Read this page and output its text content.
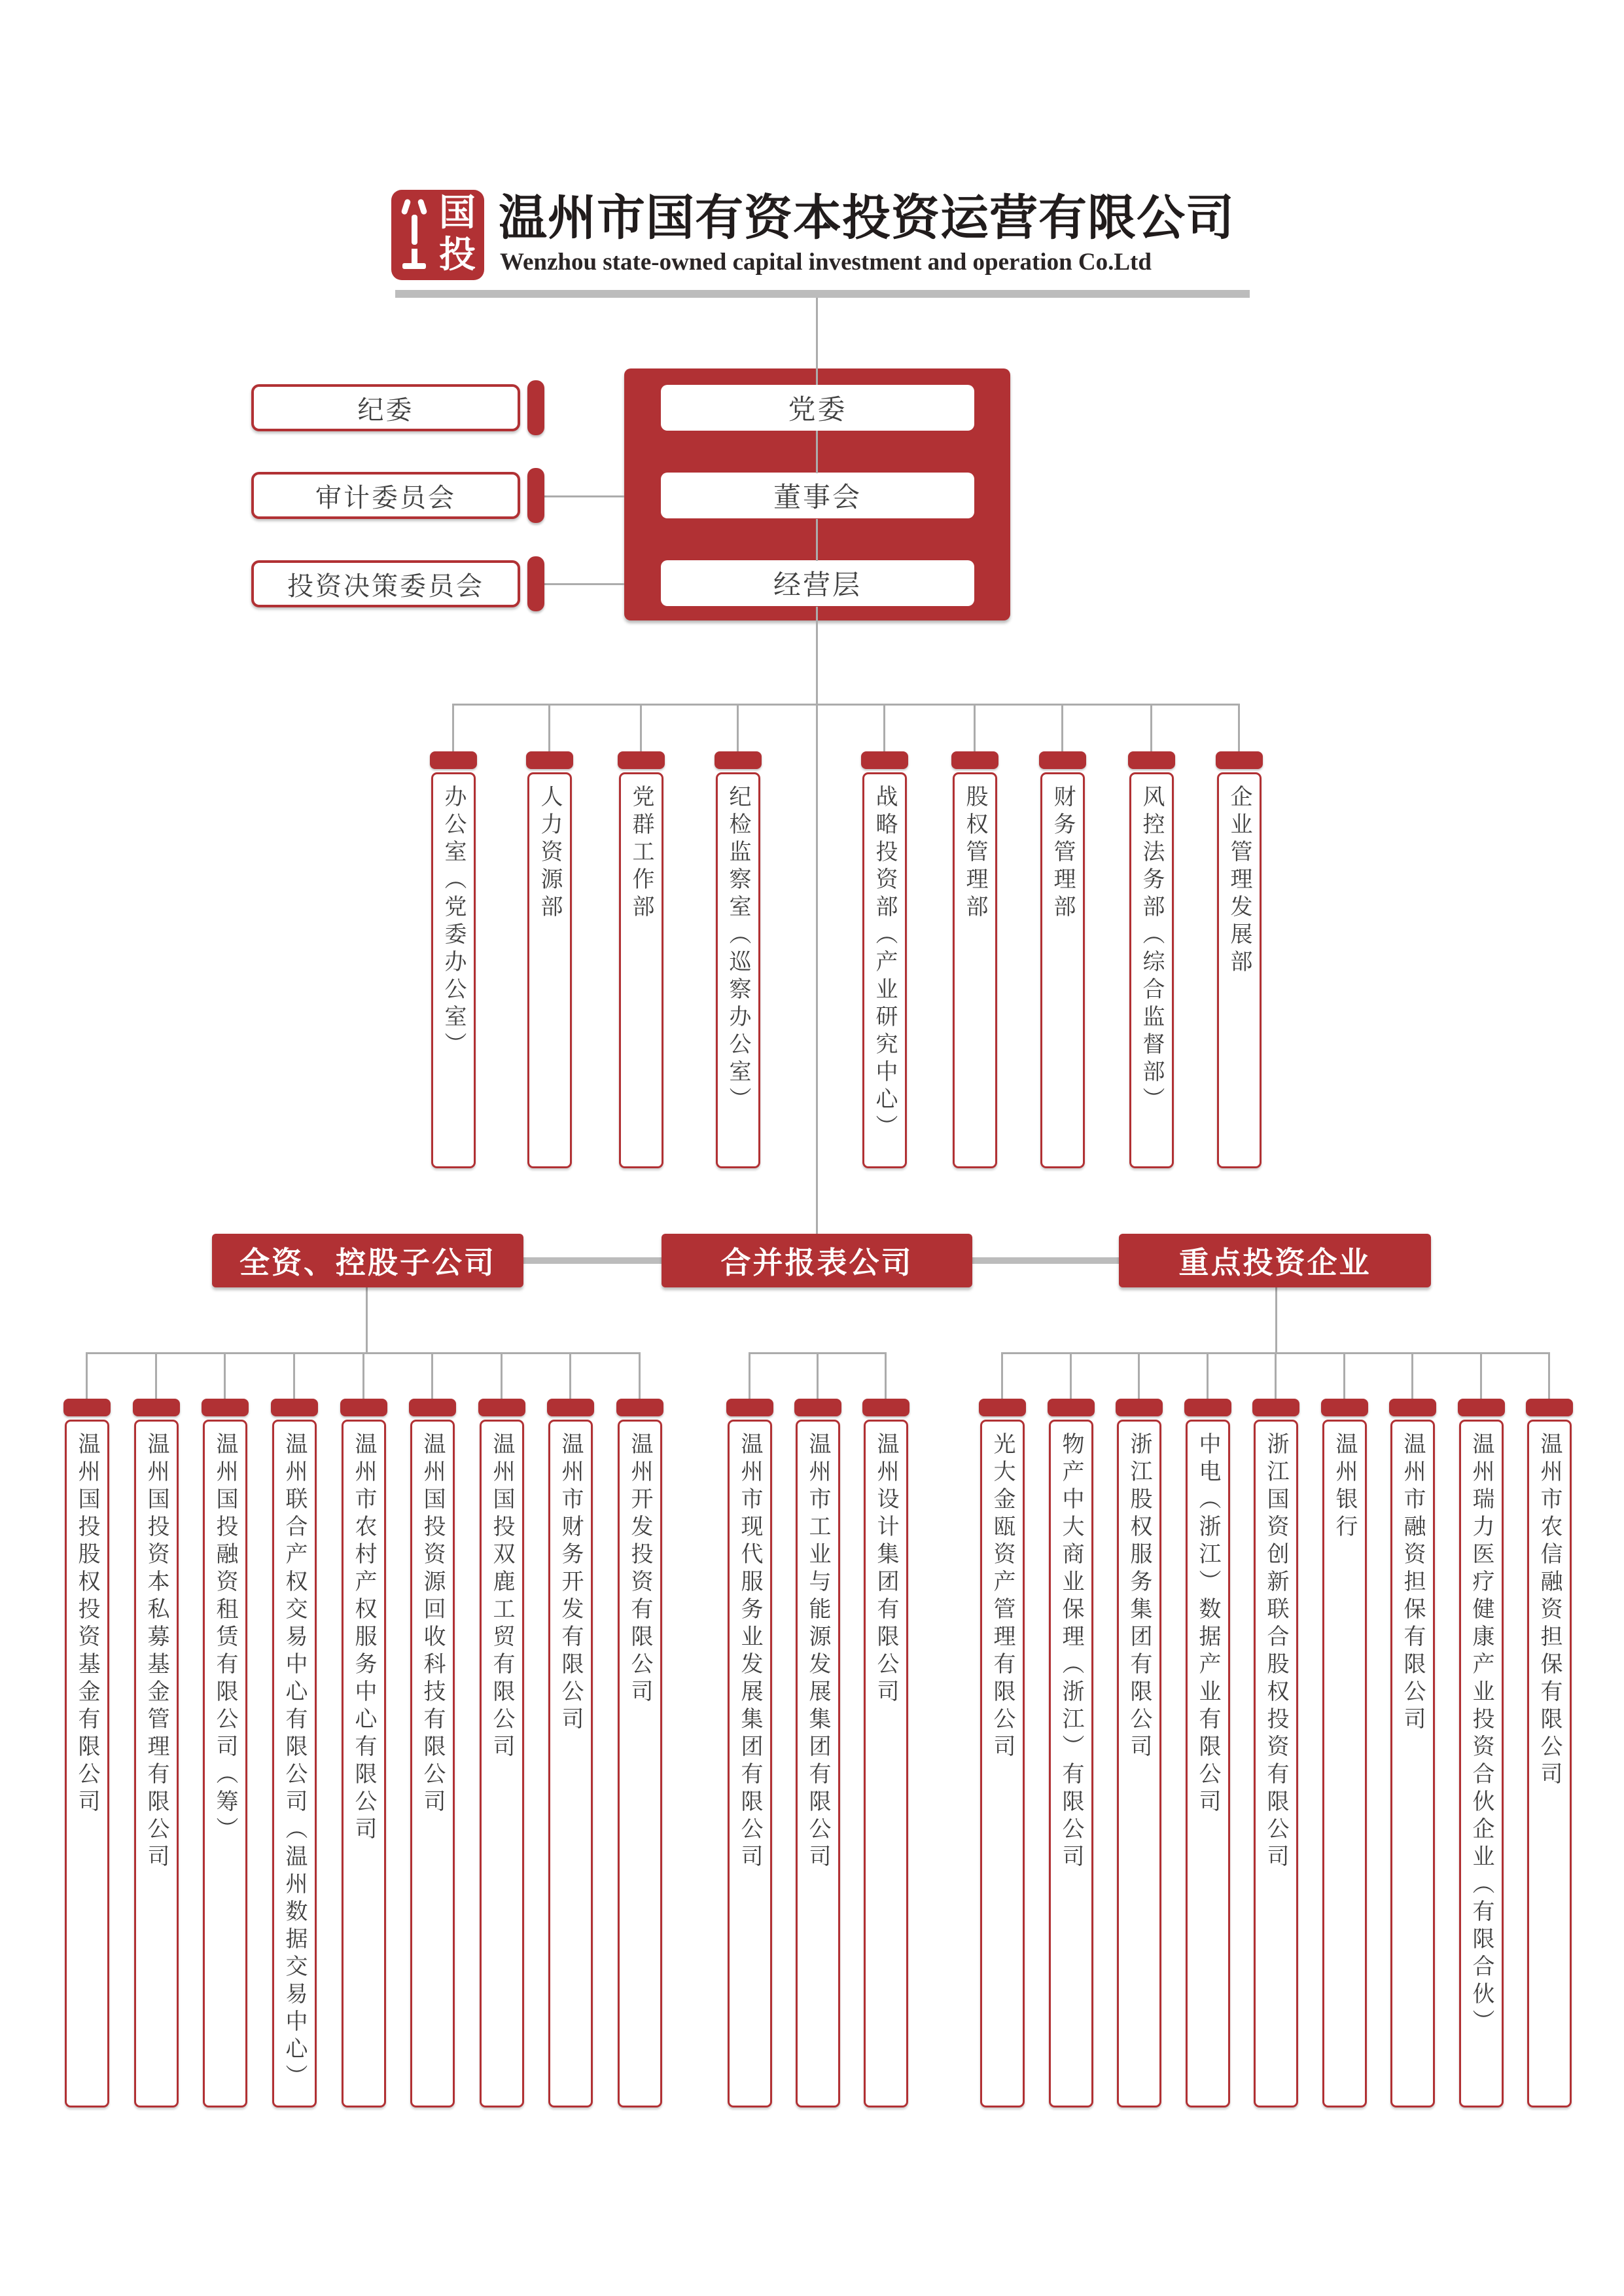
国
投
温州市国有资本投资运营有限公司
Wenzhou state-owned capital investment and operation Co.Ltd
党委
董事会
经营层
纪委
审计委员会
投资决策委员会
办公室（党委办公室）	人力资源部	党群工作部	纪检监察室（巡察办公室）	战略投资部（产业研究中心）	股权管理部	财务管理部	风控法务部（综合监督部）	企业管理发展部
全资、控股子公司	合并报表公司	重点投资企业
温州国投股权投资基金有限公司 温州国投资本私募基金管理有限公司 温州国投融资租赁有限公司（筹） 温州联合产权交易中心有限公司（温州数据交易中心） 温州市农村产权服务中心有限公司 温州国投资源回收科技有限公司 温州国投双鹿工贸有限公司 温州市财务开发有限公司 温州开发投资有限公司	温州市现代服务业发展集团有限公司 温州市工业与能源发展集团有限公司 温州设计集团有限公司	光大金瓯资产管理有限公司 物产中大商业保理（浙江）有限公司 浙江股权服务集团有限公司 中电（浙江）数据产业有限公司 浙江国资创新联合股权投资有限公司 温州银行 温州市融资担保有限公司 温州瑞力医疗健康产业投资合伙企业（有限合伙） 温州市农信融资担保有限公司
